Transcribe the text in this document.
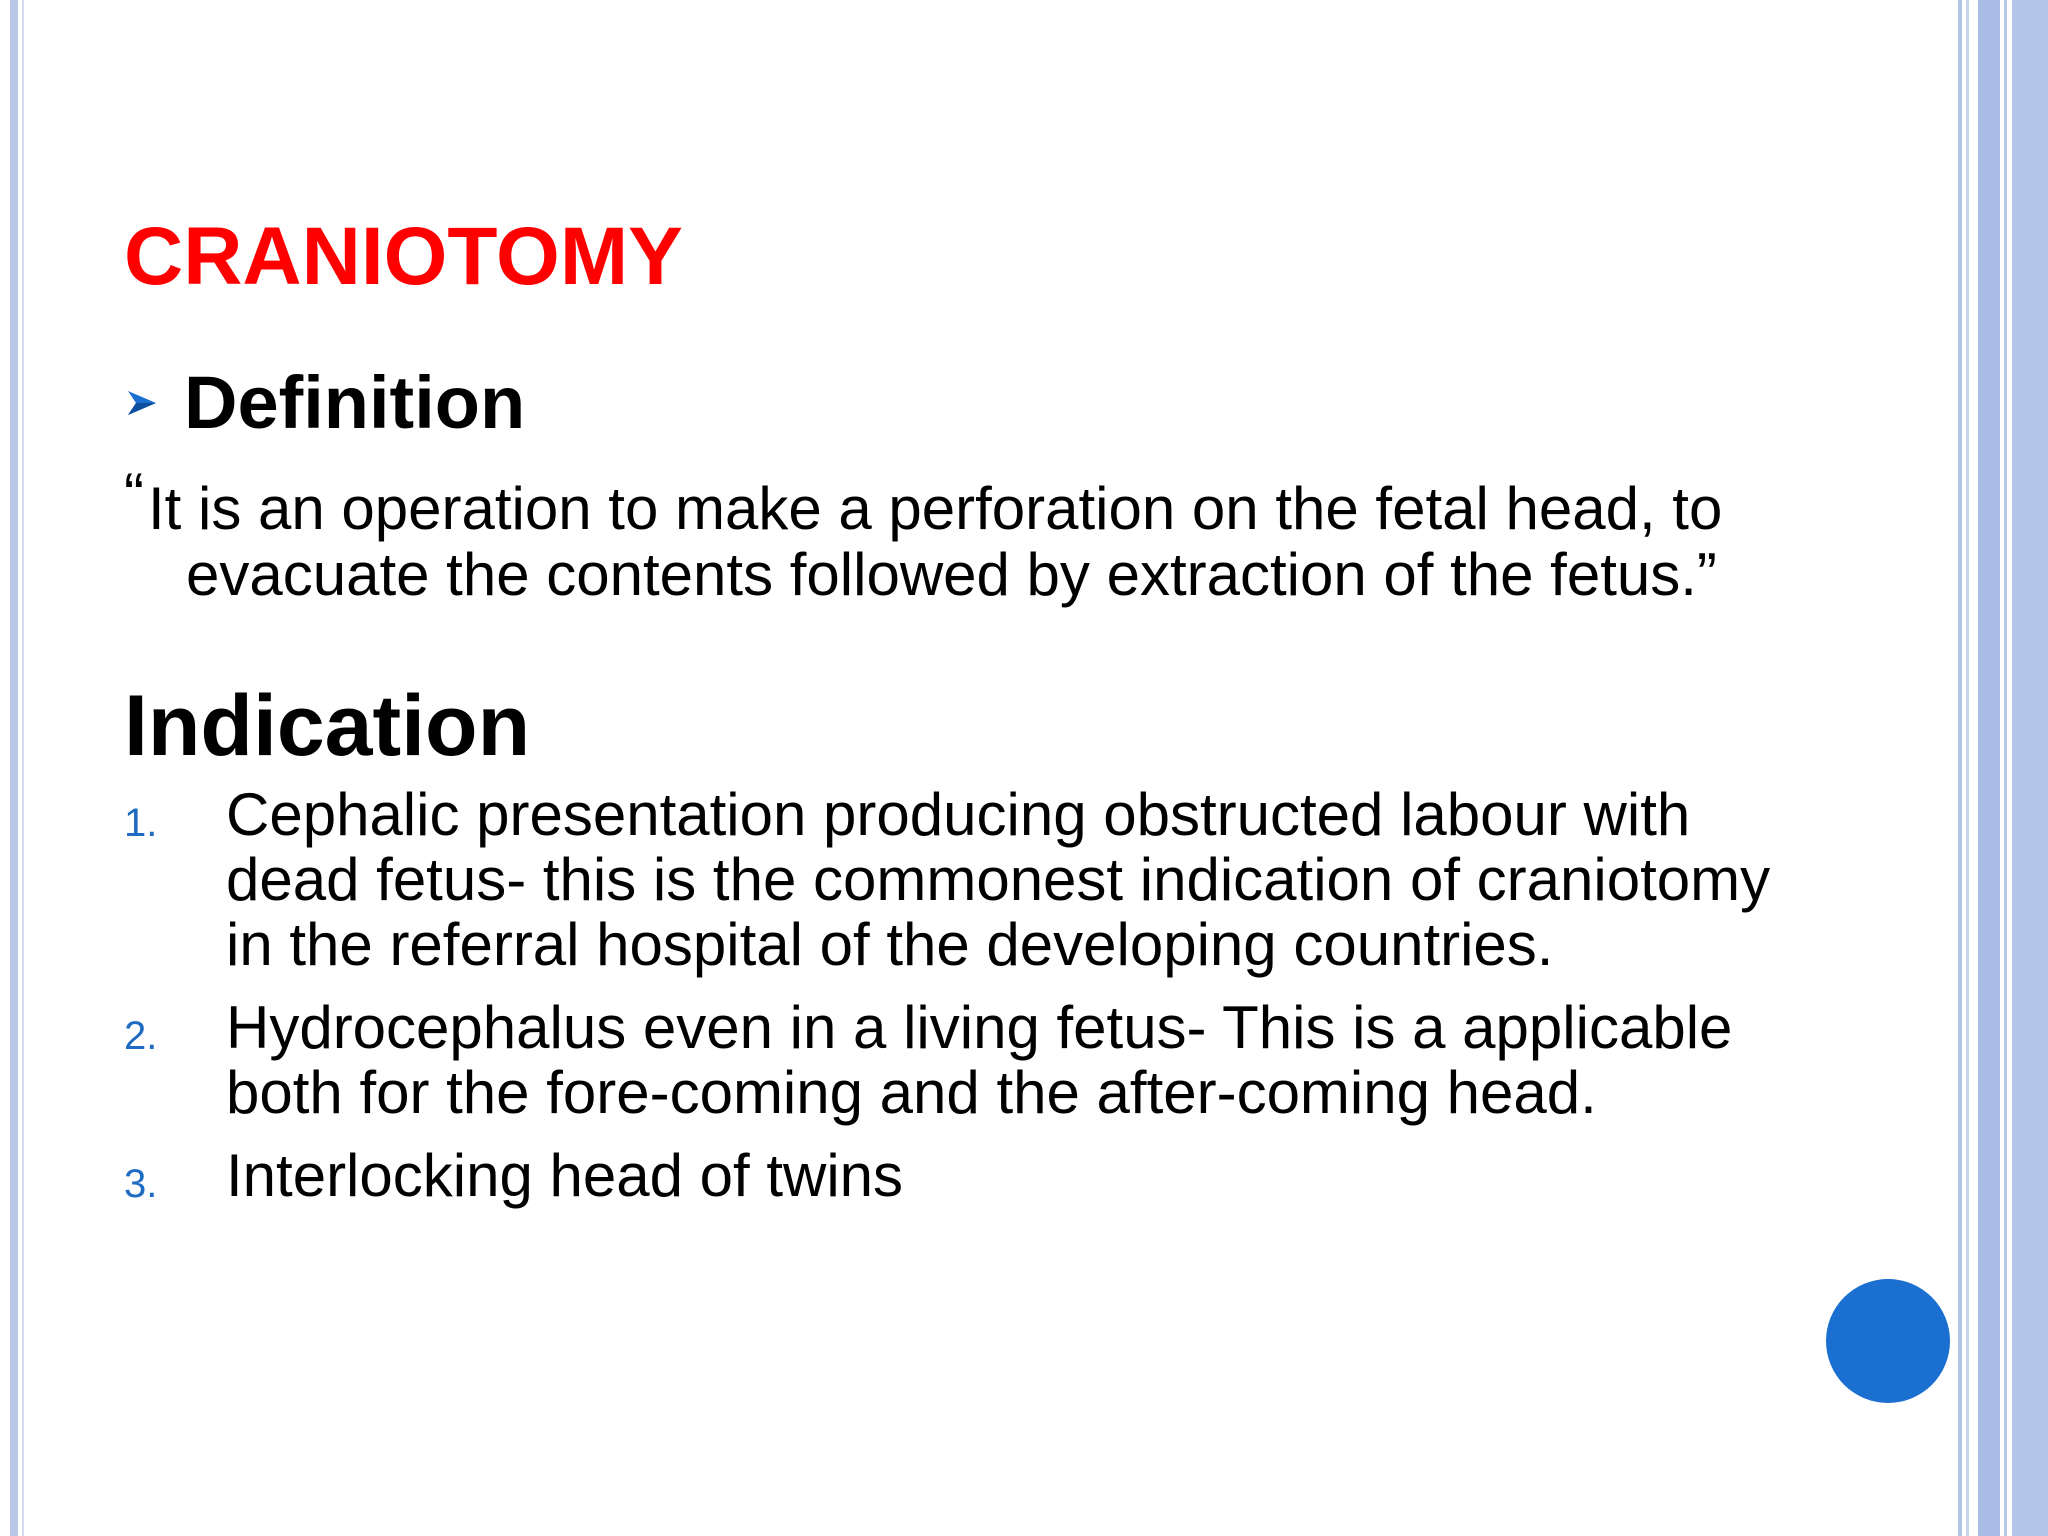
CRANIOTOMY
Definition
“It is an operation to make a perforation on the fetal head, to evacuate the contents followed by extraction of the fetus.”
Indication
1.	Cephalic presentation producing obstructed labour with dead fetus- this is the commonest indication of craniotomy in the referral hospital of the developing countries.
2.	Hydrocephalus even in a living fetus- This is a applicable both for the fore-coming and the after-coming head.
3.	Interlocking head of twins
